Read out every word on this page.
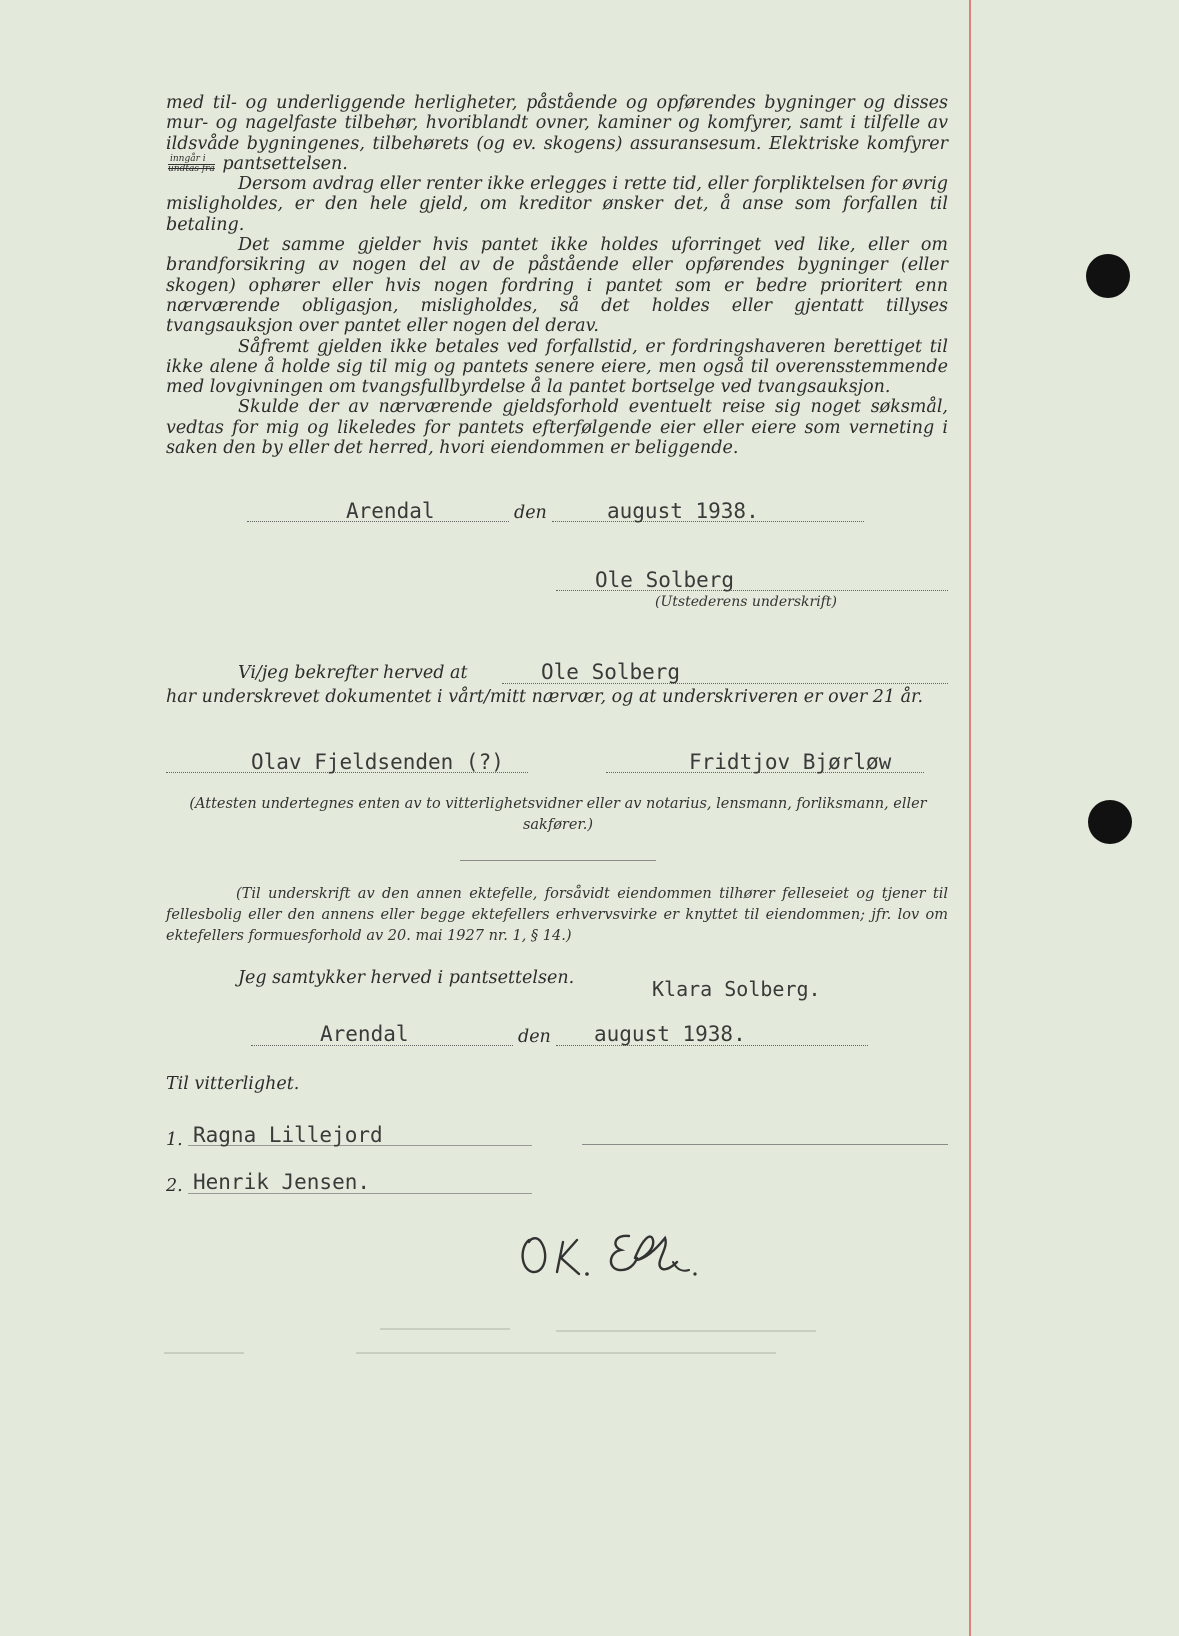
med til- og underliggende herligheter, påstående og opførendes bygninger og disses mur- og nagelfaste tilbehør, hvoriblandt ovner, kaminer og komfyrer, samt i tilfelle av ildsvåde bygningenes, tilbehørets (og ev. skogens) assuransesum. Elektriske komfyrer
$\frac{\text{inngår i}}{\text{undtas fra}}$ pantsettelsen.

Dersom avdrag eller renter ikke erlegges i rette tid, eller forpliktelsen for øvrig misligholdes, er den hele gjeld, om kreditor ønsker det, å anse som forfallen til betaling.

Det samme gjelder hvis pantet ikke holdes uforringet ved like, eller om brandforsikring av nogen del av de påstående eller opførendes bygninger (eller skogen) ophører eller hvis nogen fordring i pantet som er bedre prioritert enn nærværende obligasjon, misligholdes, så det holdes eller gjentatt tillyses tvangsauksjon over pantet eller nogen del derav.

Såfremt gjelden ikke betales ved forfallstid, er fordringshaveren berettiget til ikke alene å holde sig til mig og pantets senere eiere, men også til overensstemmende med lovgivningen om tvangsfullbyrdelse å la pantet bortselge ved tvangsauksjon.

Skulde der av nærværende gjeldsforhold eventuelt reise sig noget søksmål, vedtas for mig og likeledes for pantets efterfølgende eier eller eiere som verneting i saken den by eller det herred, hvori eiendommen er beliggende.

Arendal	den	august 1938.
Ole Solberg
(Utstederens underskrift)
Vi/jeg bekrefter herved at	Ole Solberg
har underskrevet dokumentet i vårt/mitt nærvær, og at underskriveren er over 21 år.
Olav Fjeldsenden (?)	Fridtjov Bjørløw
(Attesten undertegnes enten av to vitterlighetsvidner eller av notarius, lensmann, forliksmann, eller sakfører.)
(Til underskrift av den annen ektefelle, forsåvidt eiendommen tilhører felleseiet og tjener til fellesbolig eller den annens eller begge ektefellers erhvervsvirke er knyttet til eiendommen; jfr. lov om ektefellers formuesforhold av 20. mai 1927 nr. 1, § 14.)
Jeg samtykker herved i pantsettelsen.	Klara Solberg.
Arendal	den august 1938.
Til vitterlighet.
1. Ragna Lillejord
2. Henrik Jensen.
